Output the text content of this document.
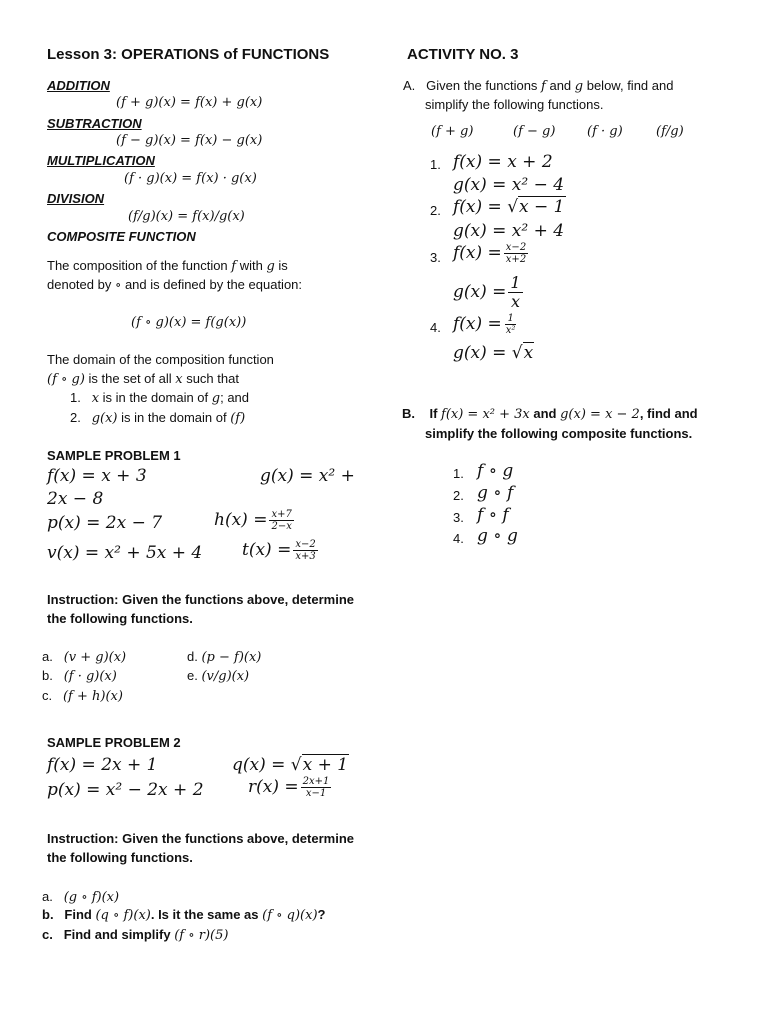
Lesson 3: OPERATIONS of FUNCTIONS
ADDITION
(f + g)(x) = f(x) + g(x)
SUBTRACTION
(f − g)(x) = f(x) − g(x)
MULTIPLICATION
(f · g)(x) = f(x) · g(x)
DIVISION
(f/g)(x) = f(x)/g(x)
COMPOSITE FUNCTION
The composition of the function f with g is
denoted by ∘ and is defined by the equation:
(f ∘ g)(x) = f(g(x))
The domain of the composition function
(f ∘ g) is the set of all x such that
1. x is in the domain of g; and
2. g(x) is in the domain of (f)
SAMPLE PROBLEM 1
f(x) = x + 3	g(x) = x² +
2x − 8
p(x) = 2x − 7	$h(x) = \frac{x+7}{2-x}$
v(x) = x² + 5x + 4 $t(x) = \frac{x-2}{x+3}$
Instruction: Given the functions above, determine
the following functions.
a. (v + g)(x)
b. (f · g)(x)
c. (f + h)(x)
d. (p − f)(x)
e. (v/g)(x)
SAMPLE PROBLEM 2
f(x) = 2x + 1	q(x) = √x + 1
p(x) = x² − 2x + 2	$r(x) = \frac{2x+1}{x-1}$
Instruction: Given the functions above, determine
the following functions.
a. (g ∘ f)(x)
b. Find (q ∘ f)(x). Is it the same as (f ∘ q)(x)?
c. Find and simplify (f ∘ r)(5)
ACTIVITY NO. 3
A. Given the functions f and g below, find and
simplify the following functions.
(f + g)	(f − g) (f · g)	(f/g)
1. f(x) = x + 2
g(x) = x² − 4
2. f(x) = √x − 1
g(x) = x² + 4
3. $f(x) = \frac{x-2}{x+2}$
$g(x) = \frac{1}{x}$
4. $f(x) = \frac{1}{\text{x²}}$
g(x) = √x
B. If f(x) = x² + 3x and g(x) = x − 2, find and
simplify the following composite functions.
1. f ∘ g
2. g ∘ f
3. f ∘ f
4. g ∘ g
